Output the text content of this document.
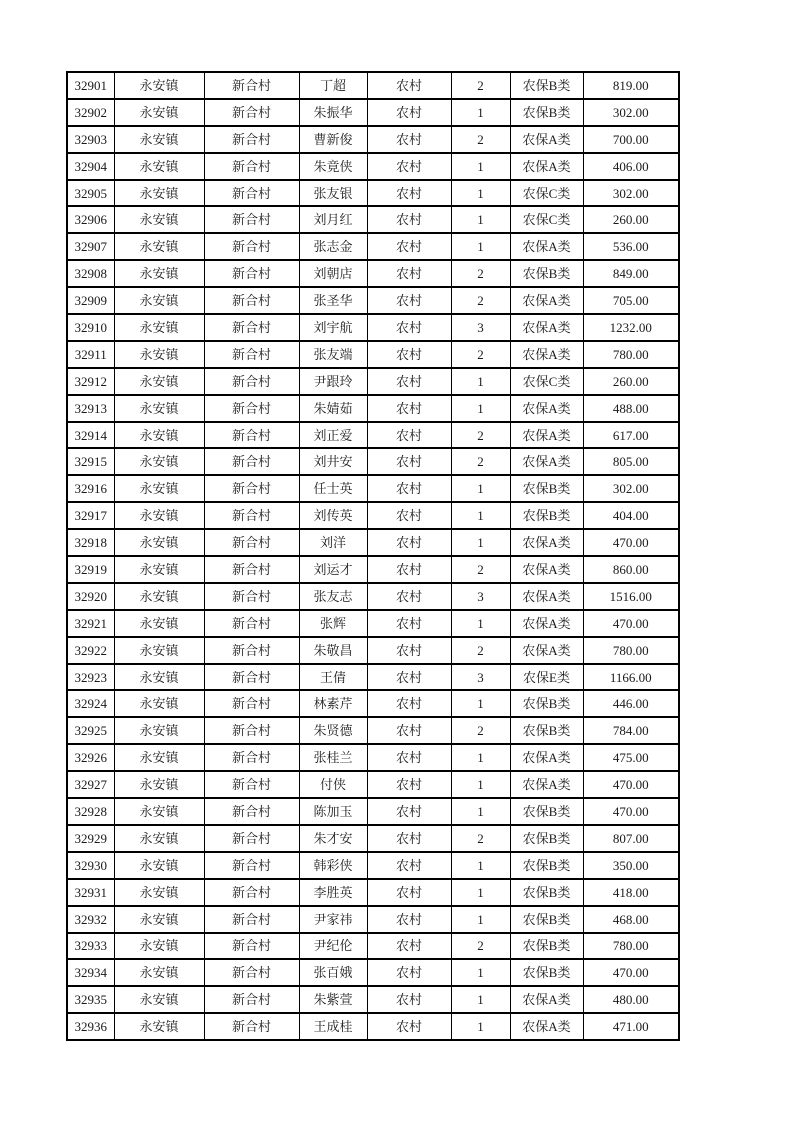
32901	永安镇	新合村	丁超	农村	2	农保B类	819.00
32902	永安镇	新合村	朱振华	农村	1	农保B类	302.00
32903	永安镇	新合村	曹新俊	农村	2	农保A类	700.00
32904	永安镇	新合村	朱竟侠	农村	1	农保A类	406.00
32905	永安镇	新合村	张友银	农村	1	农保C类	302.00
32906	永安镇	新合村	刘月红	农村	1	农保C类	260.00
32907	永安镇	新合村	张志金	农村	1	农保A类	536.00
32908	永安镇	新合村	刘朝店	农村	2	农保B类	849.00
32909	永安镇	新合村	张圣华	农村	2	农保A类	705.00
32910	永安镇	新合村	刘宇航	农村	3	农保A类	1232.00
32911	永安镇	新合村	张友端	农村	2	农保A类	780.00
32912	永安镇	新合村	尹跟玲	农村	1	农保C类	260.00
32913	永安镇	新合村	朱婧茹	农村	1	农保A类	488.00
32914	永安镇	新合村	刘正爱	农村	2	农保A类	617.00
32915	永安镇	新合村	刘井安	农村	2	农保A类	805.00
32916	永安镇	新合村	任士英	农村	1	农保B类	302.00
32917	永安镇	新合村	刘传英	农村	1	农保B类	404.00
32918	永安镇	新合村	刘洋	农村	1	农保A类	470.00
32919	永安镇	新合村	刘运才	农村	2	农保A类	860.00
32920	永安镇	新合村	张友志	农村	3	农保A类	1516.00
32921	永安镇	新合村	张辉	农村	1	农保A类	470.00
32922	永安镇	新合村	朱敬昌	农村	2	农保A类	780.00
32923	永安镇	新合村	王倩	农村	3	农保E类	1166.00
32924	永安镇	新合村	林素芹	农村	1	农保B类	446.00
32925	永安镇	新合村	朱贤德	农村	2	农保B类	784.00
32926	永安镇	新合村	张桂兰	农村	1	农保A类	475.00
32927	永安镇	新合村	付侠	农村	1	农保A类	470.00
32928	永安镇	新合村	陈加玉	农村	1	农保B类	470.00
32929	永安镇	新合村	朱才安	农村	2	农保B类	807.00
32930	永安镇	新合村	韩彩侠	农村	1	农保B类	350.00
32931	永安镇	新合村	李胜英	农村	1	农保B类	418.00
32932	永安镇	新合村	尹家祎	农村	1	农保B类	468.00
32933	永安镇	新合村	尹纪伦	农村	2	农保B类	780.00
32934	永安镇	新合村	张百娥	农村	1	农保B类	470.00
32935	永安镇	新合村	朱紫萱	农村	1	农保A类	480.00
32936	永安镇	新合村	王成桂	农村	1	农保A类	471.00
